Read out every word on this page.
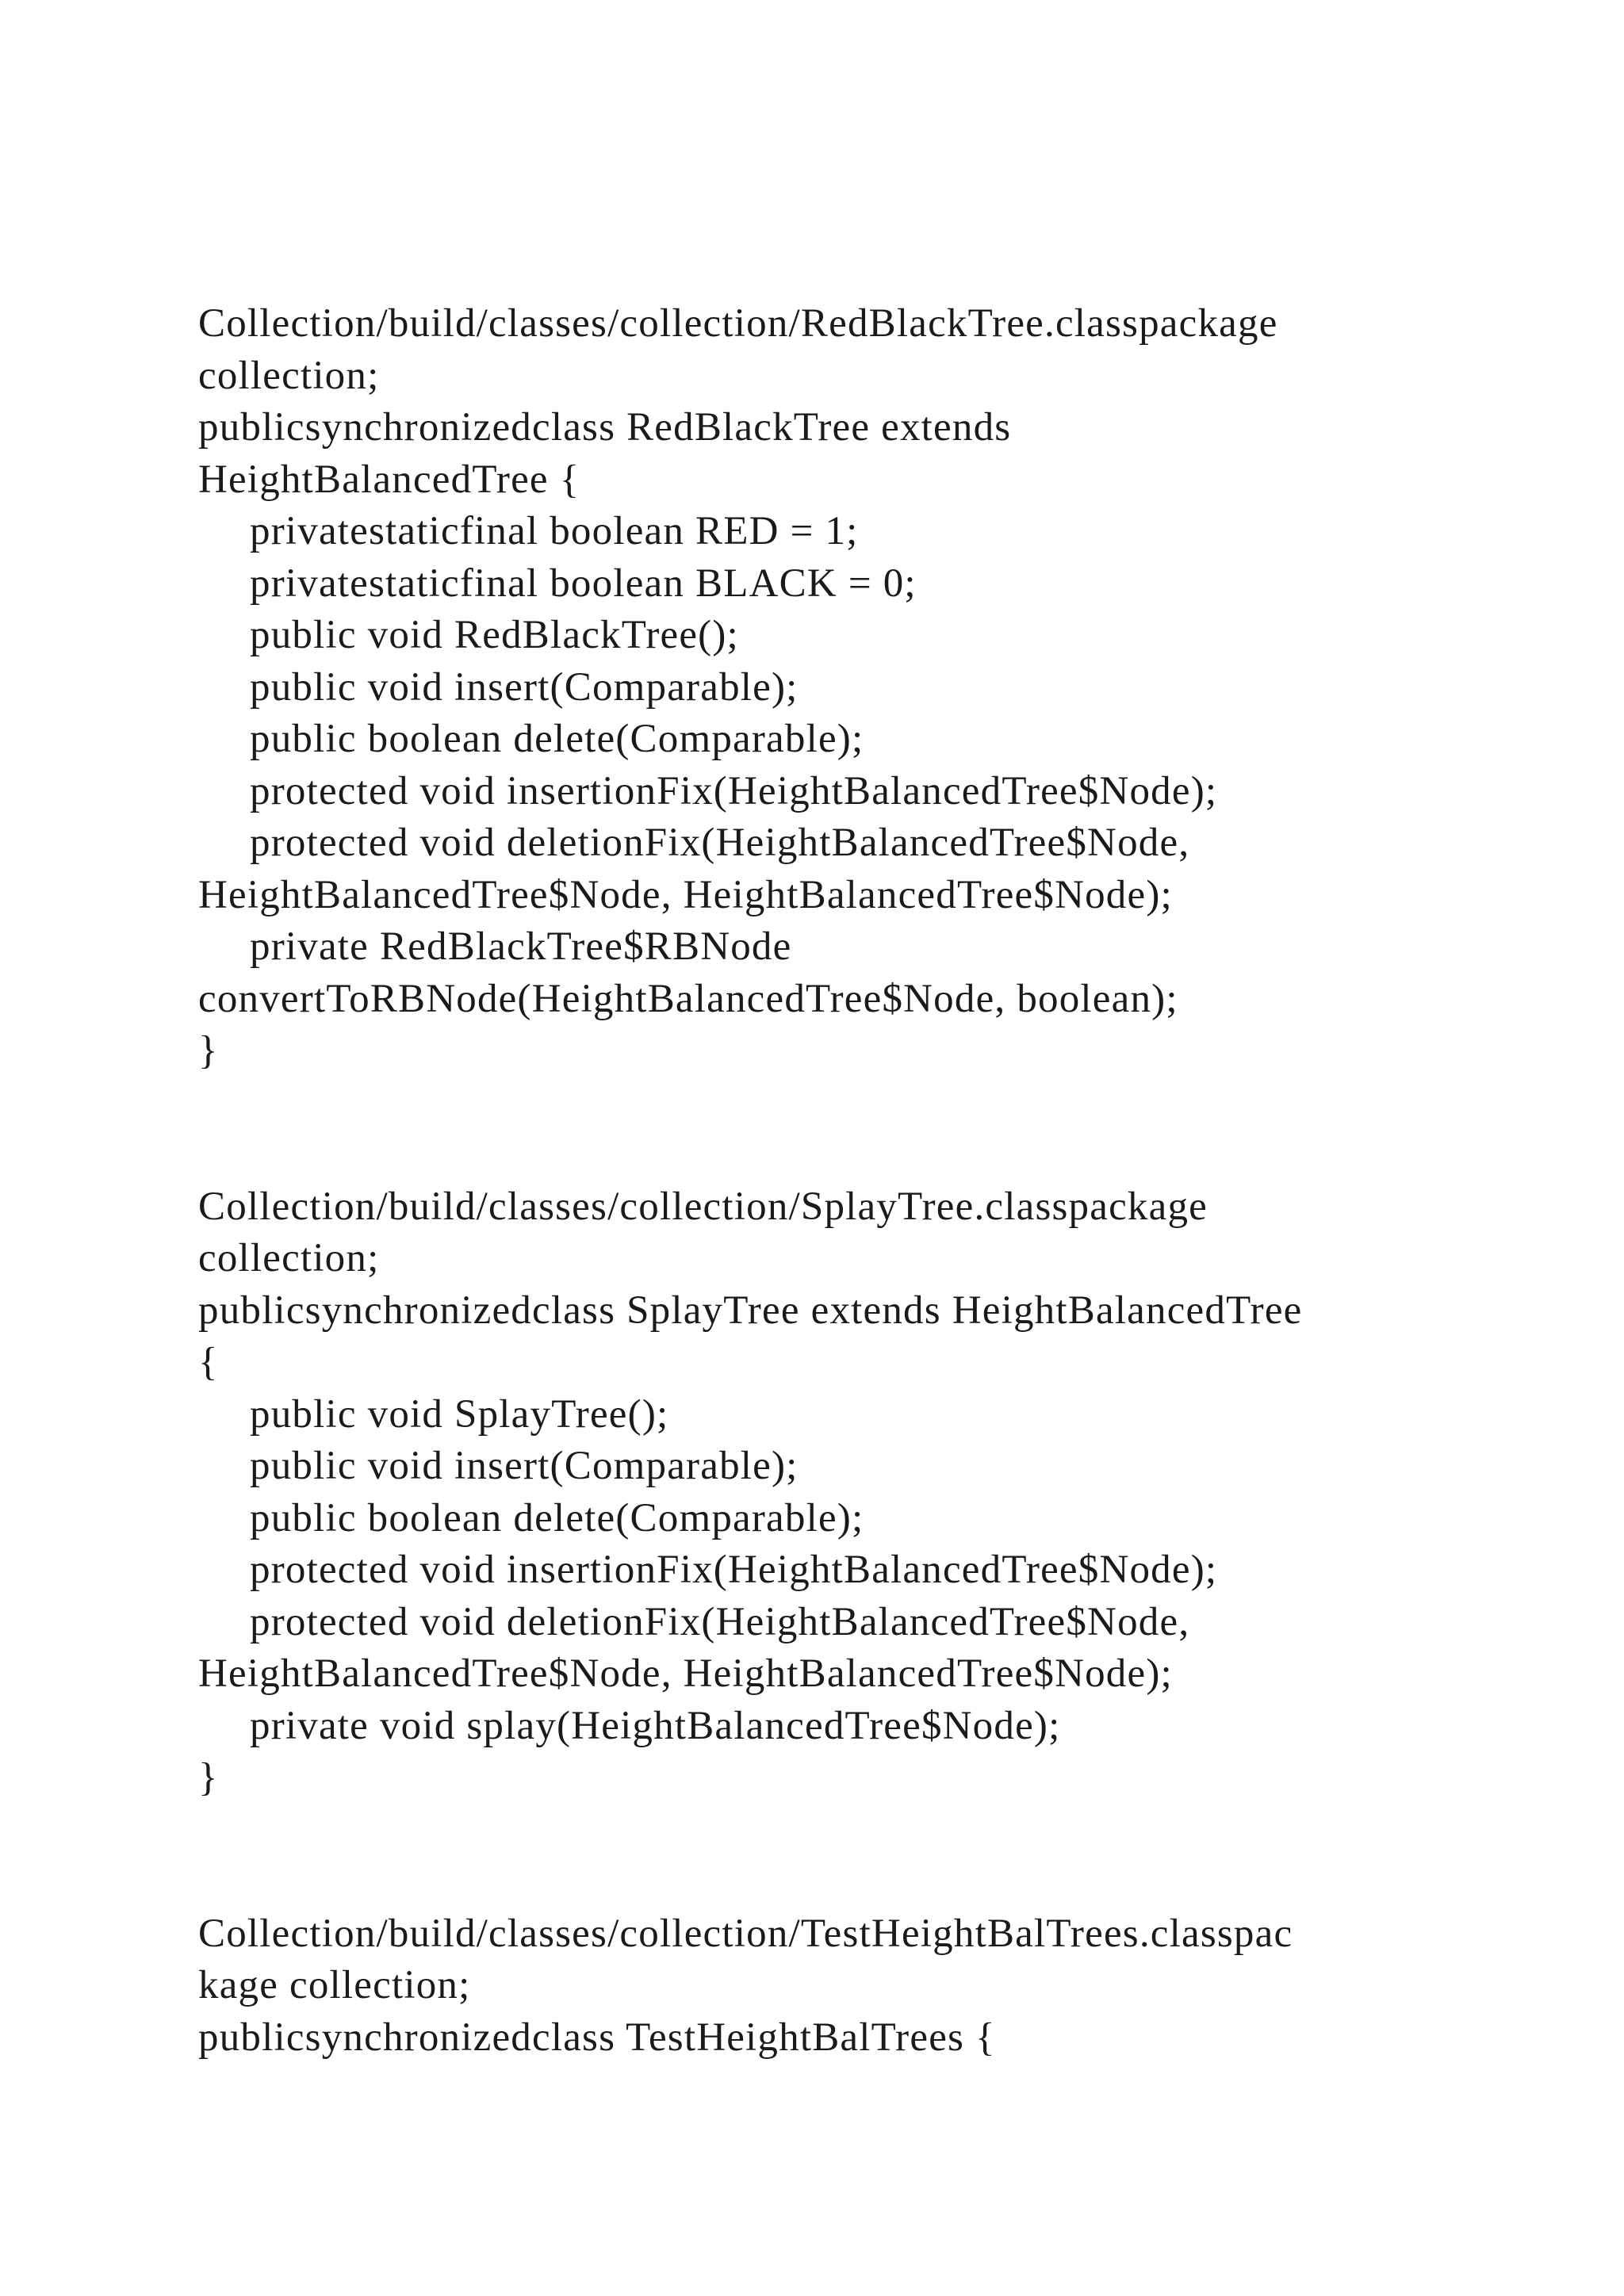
Collection/build/classes/collection/RedBlackTree.classpackage
collection;
publicsynchronizedclass RedBlackTree extends
HeightBalancedTree {
privatestaticfinal boolean RED = 1;
privatestaticfinal boolean BLACK = 0;
public void RedBlackTree();
public void insert(Comparable);
public boolean delete(Comparable);
protected void insertionFix(HeightBalancedTree$Node);
protected void deletionFix(HeightBalancedTree$Node,
HeightBalancedTree$Node, HeightBalancedTree$Node);
private RedBlackTree$RBNode
convertToRBNode(HeightBalancedTree$Node, boolean);
}
Collection/build/classes/collection/SplayTree.classpackage
collection;
publicsynchronizedclass SplayTree extends HeightBalancedTree
{
public void SplayTree();
public void insert(Comparable);
public boolean delete(Comparable);
protected void insertionFix(HeightBalancedTree$Node);
protected void deletionFix(HeightBalancedTree$Node,
HeightBalancedTree$Node, HeightBalancedTree$Node);
private void splay(HeightBalancedTree$Node);
}
Collection/build/classes/collection/TestHeightBalTrees.classpac
kage collection;
publicsynchronizedclass TestHeightBalTrees {
